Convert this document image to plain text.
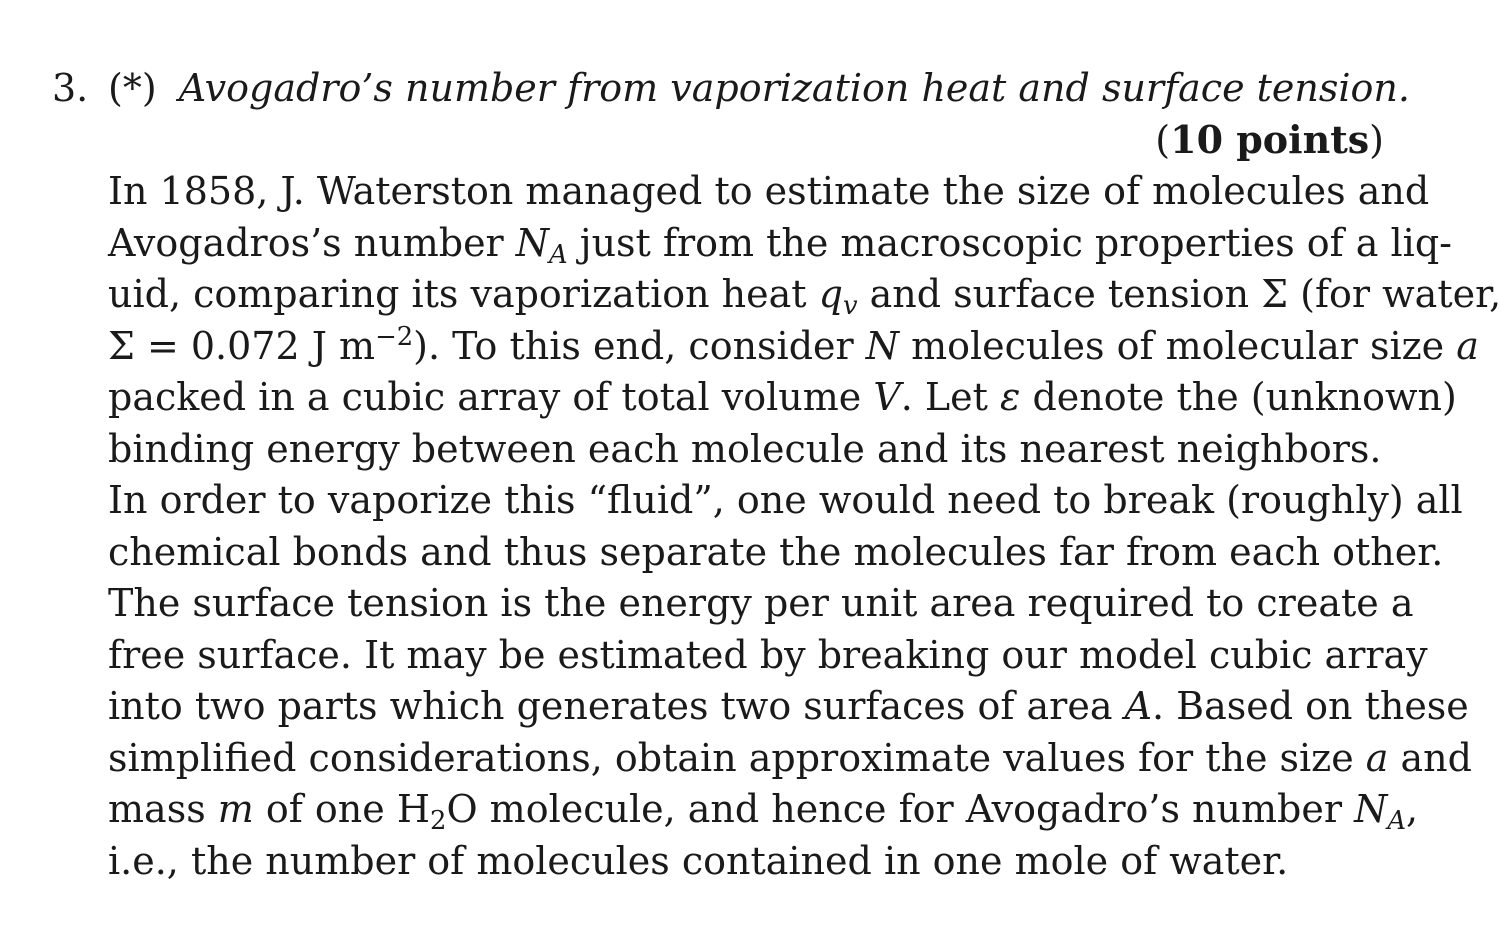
3. (*) Avogadro’s number from vaporization heat and surface tension.
(10 points)
In 1858, J. Waterston managed to estimate the size of molecules and
Avogadros’s number $N_A$ just from the macroscopic properties of a liq-
uid, comparing its vaporization heat $q_v$ and surface tension Σ (for water,
Σ = 0.072 J $m^{-2}$). To this end, consider N molecules of molecular size a
packed in a cubic array of total volume V. Let ε denote the (unknown)
binding energy between each molecule and its nearest neighbors.
In order to vaporize this “fluid”, one would need to break (roughly) all
chemical bonds and thus separate the molecules far from each other.
The surface tension is the energy per unit area required to create a
free surface. It may be estimated by breaking our model cubic array
into two parts which generates two surfaces of area A. Based on these
simplified considerations, obtain approximate values for the size a and
mass m of one $H_2O$ molecule, and hence for Avogadro’s number $N_A$,
i.e., the number of molecules contained in one mole of water.
